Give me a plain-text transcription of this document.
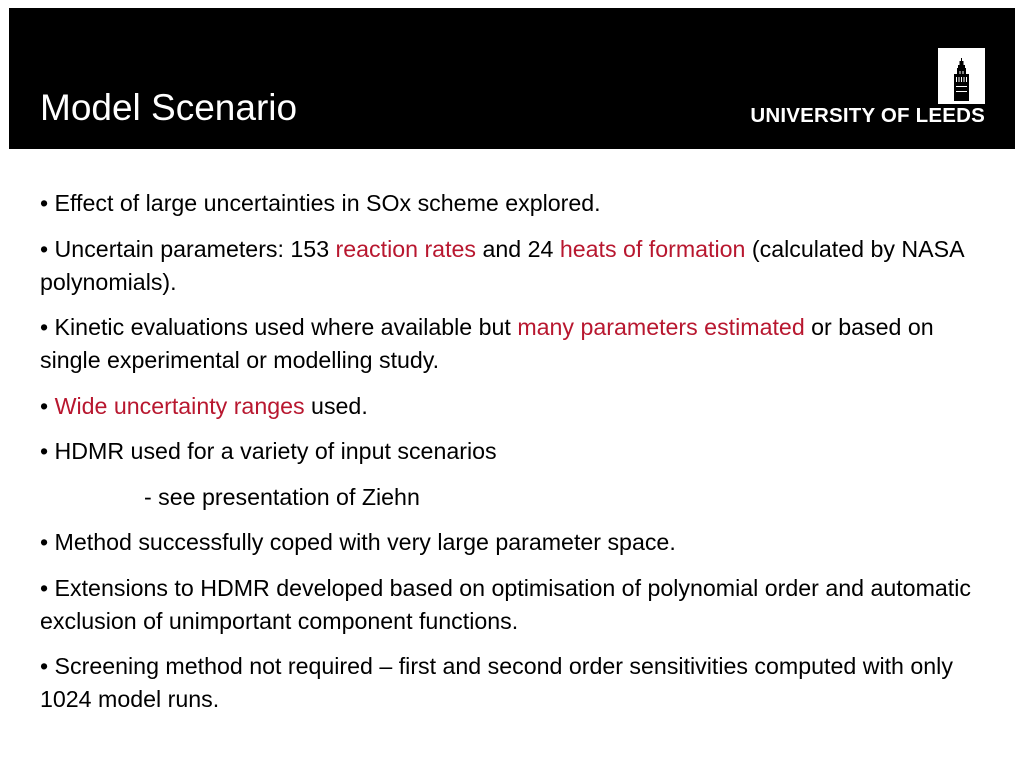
Model Scenario	UNIVERSITY OF LEEDS

• Effect of large uncertainties in SOx scheme explored.

• Uncertain parameters: 153 reaction rates and 24 heats of formation (calculated by NASA polynomials).

• Kinetic evaluations used where available but many parameters estimated or based on single experimental or modelling study.

• Wide uncertainty ranges used.

• HDMR used for a variety of input scenarios

- see presentation of Ziehn

• Method successfully coped with very large parameter space.

• Extensions to HDMR developed based on optimisation of polynomial order and automatic exclusion of unimportant component functions.

• Screening method not required – first and second order sensitivities computed with only 1024 model runs.
